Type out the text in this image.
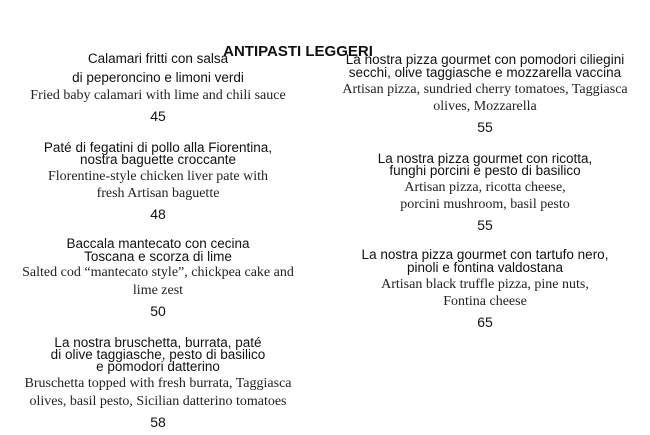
ANTIPASTI LEGGERI
Calamari fritti con salsa
di peperoncino e limoni verdi
Fried baby calamari with lime and chili sauce
45
Paté di fegatini di pollo alla Fiorentina,
nostra baguette croccante
Florentine-style chicken liver pate with
fresh Artisan baguette
48
Baccala mantecato con cecina
Toscana e scorza di lime
Salted cod “mantecato style”, chickpea cake and
lime zest
50
La nostra bruschetta, burrata, paté
di olive taggiasche, pesto di basilico
e pomodori datterino
Bruschetta topped with fresh burrata, Taggiasca
olives, basil pesto, Sicilian datterino tomatoes
58
La nostra pizza gourmet con pomodori ciliegini
secchi, olive taggiasche e mozzarella vaccina
Artisan pizza, sundried cherry tomatoes, Taggiasca
olives, Mozzarella
55
La nostra pizza gourmet con ricotta,
funghi porcini e pesto di basilico
Artisan pizza, ricotta cheese,
porcini mushroom, basil pesto
55
La nostra pizza gourmet con tartufo nero,
pinoli e fontina valdostana
Artisan black truffle pizza, pine nuts,
Fontina cheese
65
